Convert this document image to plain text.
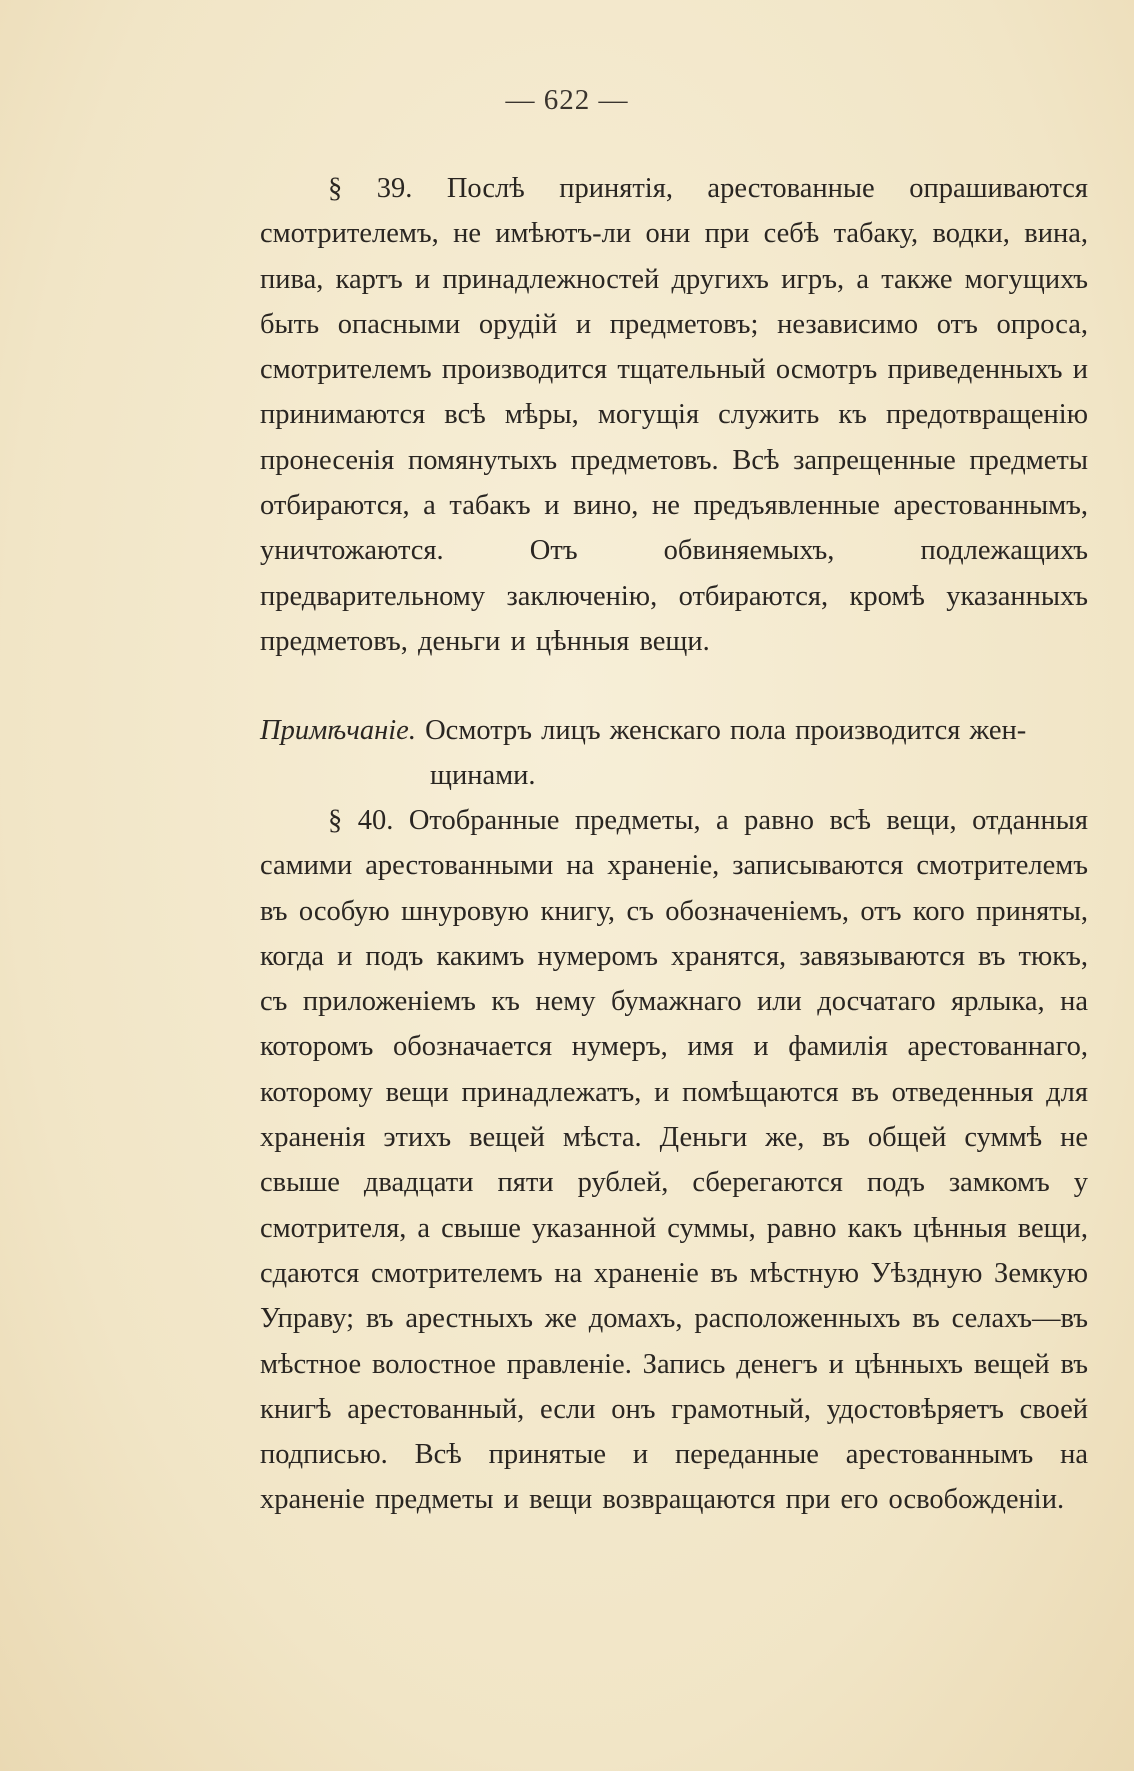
— 622 —

§ 39. Послѣ принятія, арестованные опрашиваются смотрителемъ, не имѣютъ-ли они при себѣ табаку, водки, вина, пива, картъ и принадлежностей другихъ игръ, а также могущихъ быть опасными орудій и предметовъ; независимо отъ опроса, смотрителемъ производится тщательный осмотръ приведенныхъ и принимаются всѣ мѣры, могущія служить къ предотвращенію пронесенія помянутыхъ предметовъ. Всѣ запрещенные предметы отбираются, а табакъ и вино, не предъявленные арестованнымъ, уничтожаются. Отъ обвиняемыхъ, подлежащихъ предварительному заключенію, отбираются, кромѣ указанныхъ предметовъ, деньги и цѣнныя вещи.

Примѣчаніе. Осмотръ лицъ женскаго пола производится жен-
щинами.

§ 40. Отобранные предметы, а равно всѣ вещи, отданныя самими арестованными на храненіе, записываются смотрителемъ въ особую шнуровую книгу, съ обозначеніемъ, отъ кого приняты, когда и подъ какимъ нумеромъ хранятся, завязываются въ тюкъ, съ приложеніемъ къ нему бумажнаго или досчатаго ярлыка, на которомъ обозначается нумеръ, имя и фамилія арестованнаго, которому вещи принадлежатъ, и помѣщаются въ отведенныя для храненія этихъ вещей мѣста. Деньги же, въ общей суммѣ не свыше двадцати пяти рублей, сберегаются подъ замкомъ у смотрителя, а свыше указанной суммы, равно какъ цѣнныя вещи, сдаются смотрителемъ на храненіе въ мѣстную Уѣздную Земкую Управу; въ арестныхъ же домахъ, расположенныхъ въ селахъ—въ мѣстное волостное правленіе. Запись денегъ и цѣнныхъ вещей въ книгѣ арестованный, если онъ грамотный, удостовѣряетъ своей подписью. Всѣ принятые и переданные арестованнымъ на храненіе предметы и вещи возвращаются при его освобожденіи.
